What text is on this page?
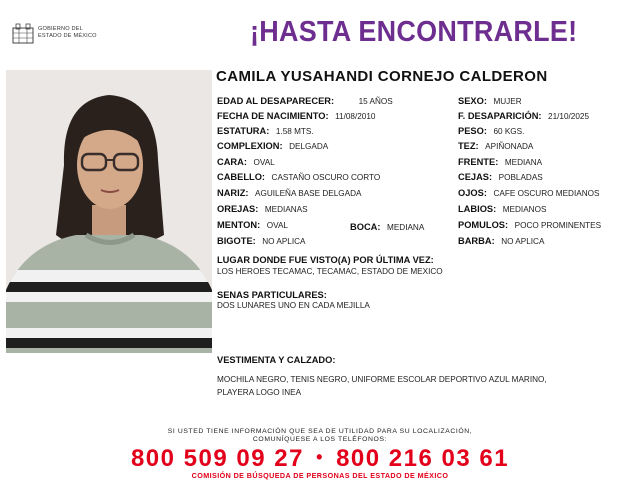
GOBIERNO DEL
ESTADO DE MÉXICO	¡HASTA ENCONTRARLE!
CAMILA YUSAHANDI CORNEJO CALDERON
EDAD AL DESAPARECER:	15 AÑOS
FECHA DE NACIMIENTO: 11/08/2010
ESTATURA: 1.58 MTS.
COMPLEXION: DELGADA
CARA: OVAL
CABELLO: CASTAÑO OSCURO CORTO
NARIZ: AGUILEÑA BASE DELGADA
OREJAS: MEDIANAS
MENTON: OVAL	BOCA: MEDIANA
BIGOTE: NO APLICA
SEXO: MUJER
F. DESAPARICIÓN: 21/10/2025
PESO: 60 KGS.
TEZ: APIÑONADA
FRENTE: MEDIANA
CEJAS: POBLADAS
OJOS: CAFE OSCURO MEDIANOS
LABIOS: MEDIANOS
POMULOS: POCO PROMINENTES
BARBA: NO APLICA
LUGAR DONDE FUE VISTO(A) POR ÚLTIMA VEZ:
LOS HEROES TECAMAC, TECAMAC, ESTADO DE MEXICO
SENAS PARTICULARES:
DOS LUNARES UNO EN CADA MEJILLA
VESTIMENTA Y CALZADO:
MOCHILA NEGRO, TENIS NEGRO, UNIFORME ESCOLAR DEPORTIVO AZUL MARINO,
PLAYERA LOGO INEA
SI USTED TIENE INFORMACIÓN QUE SEA DE UTILIDAD PARA SU LOCALIZACIÓN,
COMUNÍQUESE A LOS TELÉFONOS:
800 509 09 27 • 800 216 03 61
COMISIÓN DE BÚSQUEDA DE PERSONAS DEL ESTADO DE MÉXICO
